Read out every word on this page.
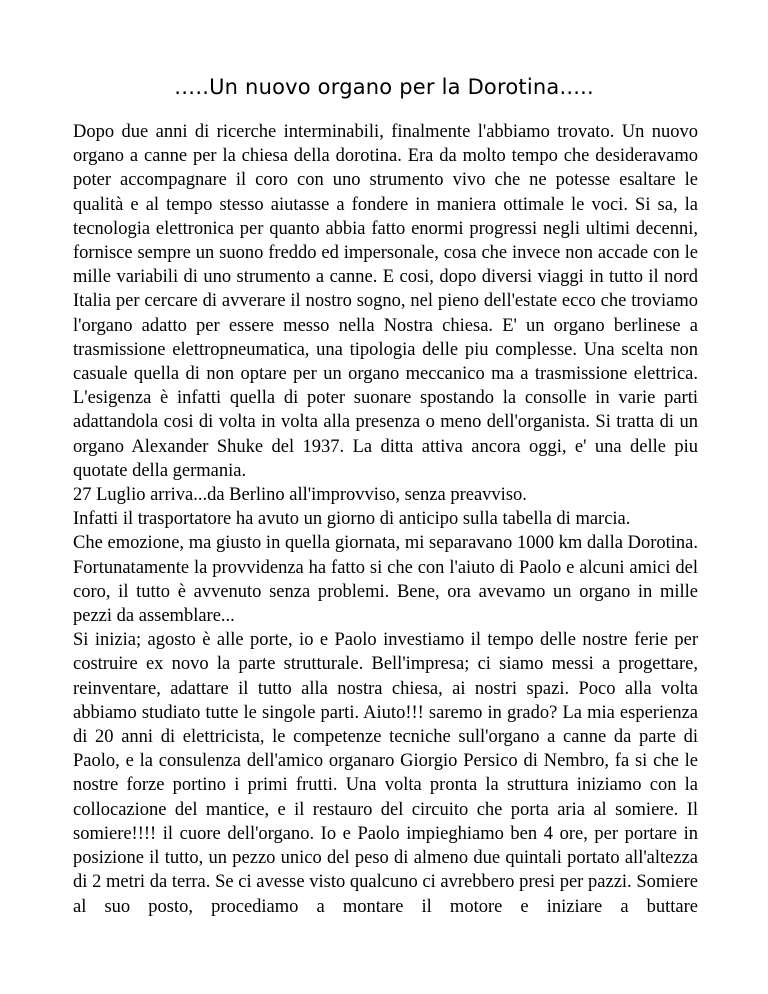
…..Un nuovo organo per la Dorotina.....

Dopo due anni di ricerche interminabili, finalmente l'abbiamo trovato. Un nuovo organo a canne per la chiesa della dorotina. Era da molto tempo che desideravamo poter accompagnare il coro con uno strumento vivo che ne potesse esaltare le qualità e al tempo stesso aiutasse a fondere in maniera ottimale le voci. Si sa, la tecnologia elettronica per quanto abbia fatto enormi progressi negli ultimi decenni, fornisce sempre un suono freddo ed impersonale, cosa che invece non accade con le mille variabili di uno strumento a canne. E cosi, dopo diversi viaggi in tutto il nord Italia per cercare di avverare il nostro sogno, nel pieno dell'estate ecco che troviamo l'organo adatto per essere messo nella Nostra chiesa. E' un organo berlinese a trasmissione elettropneumatica, una tipologia delle piu complesse. Una scelta non casuale quella di non optare per un organo meccanico ma a trasmissione elettrica. L'esigenza è infatti quella di poter suonare spostando la consolle in varie parti adattandola cosi di volta in volta alla presenza o meno dell'organista. Si tratta di un organo Alexander Shuke del 1937. La ditta attiva ancora oggi, e' una delle piu quotate della germania.

27 Luglio arriva...da Berlino all'improvviso, senza preavviso.

Infatti il trasportatore ha avuto un giorno di anticipo sulla tabella di marcia.

Che emozione, ma giusto in quella giornata, mi separavano 1000 km dalla Dorotina. Fortunatamente la provvidenza ha fatto si che con l'aiuto di Paolo e alcuni amici del coro, il tutto è avvenuto senza problemi. Bene, ora avevamo un organo in mille pezzi da assemblare...

Si inizia; agosto è alle porte, io e Paolo investiamo il tempo delle nostre ferie per costruire ex novo la parte strutturale. Bell'impresa; ci siamo messi a progettare, reinventare, adattare il tutto alla nostra chiesa, ai nostri spazi. Poco alla volta abbiamo studiato tutte le singole parti. Aiuto!!! saremo in grado? La mia esperienza di 20 anni di elettricista, le competenze tecniche sull'organo a canne da parte di Paolo, e la consulenza dell'amico organaro Giorgio Persico di Nembro, fa si che le nostre forze portino i primi frutti. Una volta pronta la struttura iniziamo con la collocazione del mantice, e il restauro del circuito che porta aria al somiere. Il somiere!!!! il cuore dell'organo. Io e Paolo impieghiamo ben 4 ore, per portare in posizione il tutto, un pezzo unico del peso di almeno due quintali portato all'altezza di 2 metri da terra. Se ci avesse visto qualcuno ci avrebbero presi per pazzi. Somiere al suo posto, procediamo a montare il motore e iniziare a buttare
